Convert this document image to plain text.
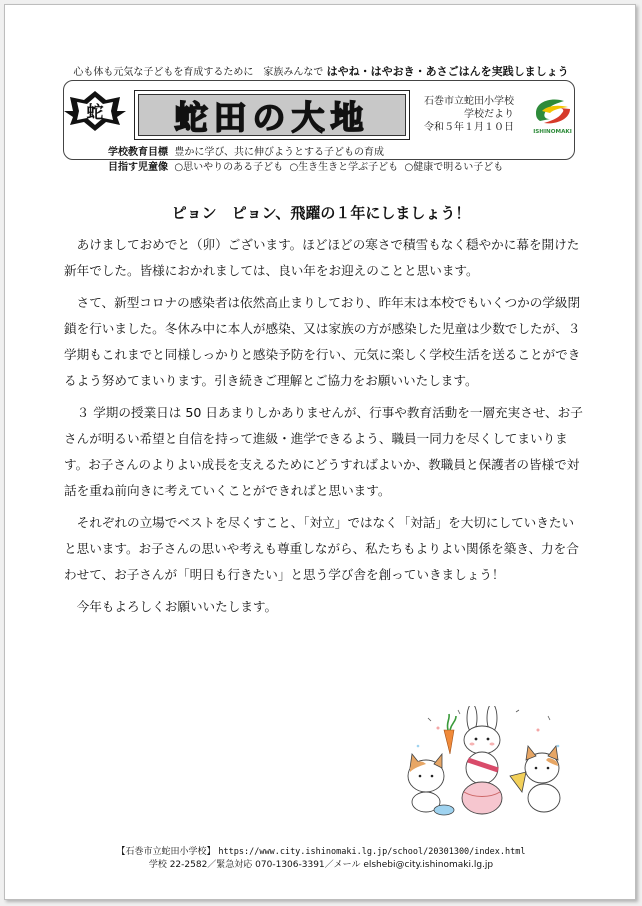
心も体も元気な子どもを育成するために　家族みんなで はやね・はやおき・あさごはんを実践しましょう
蛇 蛇田の大地	石巻市立蛇田小学校
学校だより
令和５年１月１０日	ISHINOMAKI
学校教育目標 豊かに学び、共に伸びようとする子どもの育成
目指す児童像 ○思いやりのある子ども ○生き生きと学ぶ子ども ○健康で明るい子ども
ピョン　ピョン、飛躍の１年にしましょう！

あけましておめでと（卯）ございます。ほどほどの寒さで積雪もなく穏やかに幕を開けた新年でした。皆様におかれましては、良い年をお迎えのことと思います。

さて、新型コロナの感染者は依然高止まりしており、昨年末は本校でもいくつかの学級閉鎖を行いました。冬休み中に本人が感染、又は家族の方が感染した児童は少数でしたが、３ 学期もこれまでと同様しっかりと感染予防を行い、元気に楽しく学校生活を送ることができるよう努めてまいります。引き続きご理解とご協力をお願いいたします。

３ 学期の授業日は 50 日あまりしかありませんが、行事や教育活動を一層充実させ、お子さんが明るい希望と自信を持って進級・進学できるよう、職員一同力を尽くしてまいります。お子さんのよりよい成長を支えるためにどうすればよいか、教職員と保護者の皆様で対話を重ね前向きに考えていくことができればと思います。

それぞれの立場でベストを尽くすこと、「対立」ではなく「対話」を大切にしていきたいと思います。お子さんの思いや考えも尊重しながら、私たちもよりよい関係を築き、力を合わせて、お子さんが「明日も行きたい」と思う学び舎を創っていきましょう！

今年もよろしくお願いいたします。

【石巻市立蛇田小学校】 https://www.city.ishinomaki.lg.jp/school/20301300/index.html
学校 22-2582／緊急対応 070-1306-3391／メール elshebi@city.ishinomaki.lg.jp
